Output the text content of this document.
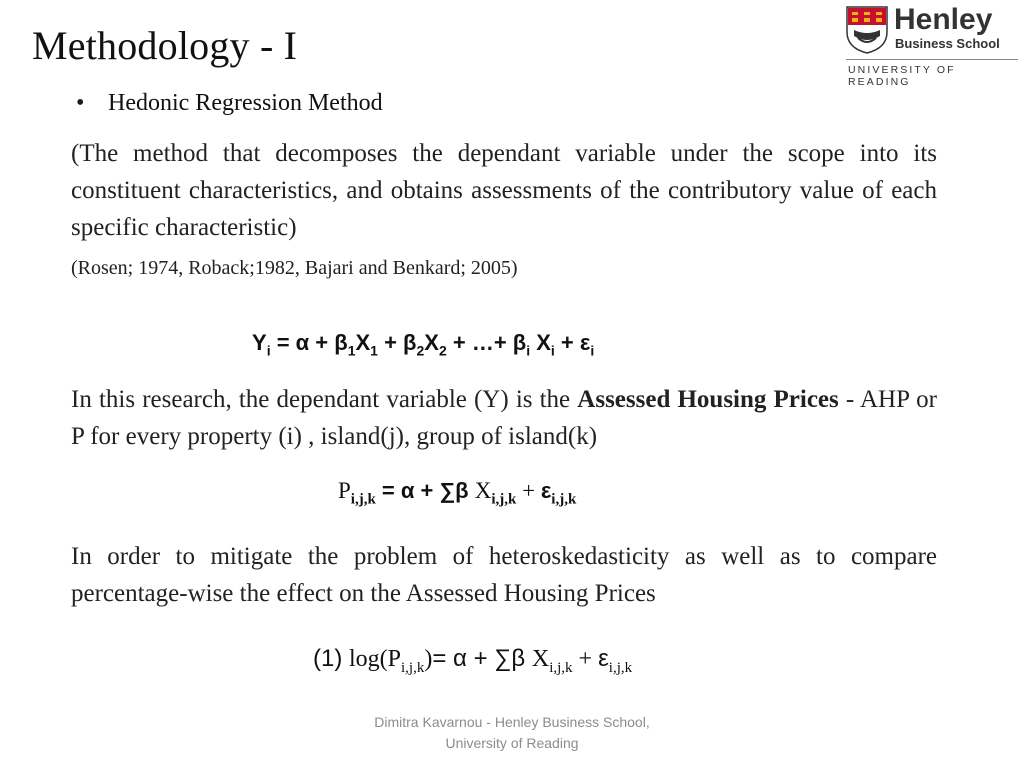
Methodology - I
Henley
Business School
UNIVERSITY OF READING
• Hedonic Regression Method
(The method that decomposes the dependant variable under the scope into its constituent characteristics, and obtains assessments of the contributory value of each specific characteristic)
(Rosen; 1974, Roback;1982, Bajari and Benkard; 2005)
$Y_i = \alpha + \beta_1X_1 + \beta_2X_2$ + …+ $\beta_i$ $X_i + \varepsilon_i$
In this research, the dependant variable (Y) is the Assessed Housing Prices - AHP or P for every property (i) , island(j), group of island(k)
$P_{i,j,k} = \alpha + \sum\beta$ $X_{i,j,k} + \varepsilon_{i,j,k}$
In order to mitigate the problem of heteroskedasticity as well as to compare percentage-wise the effect on the Assessed Housing Prices
(1) $\log(P_{i,j,k})= \alpha + \sum\beta$ $X_{i,j,k} + \varepsilon_{i,j,k}$
Dimitra Kavarnou - Henley Business School,
University of Reading
